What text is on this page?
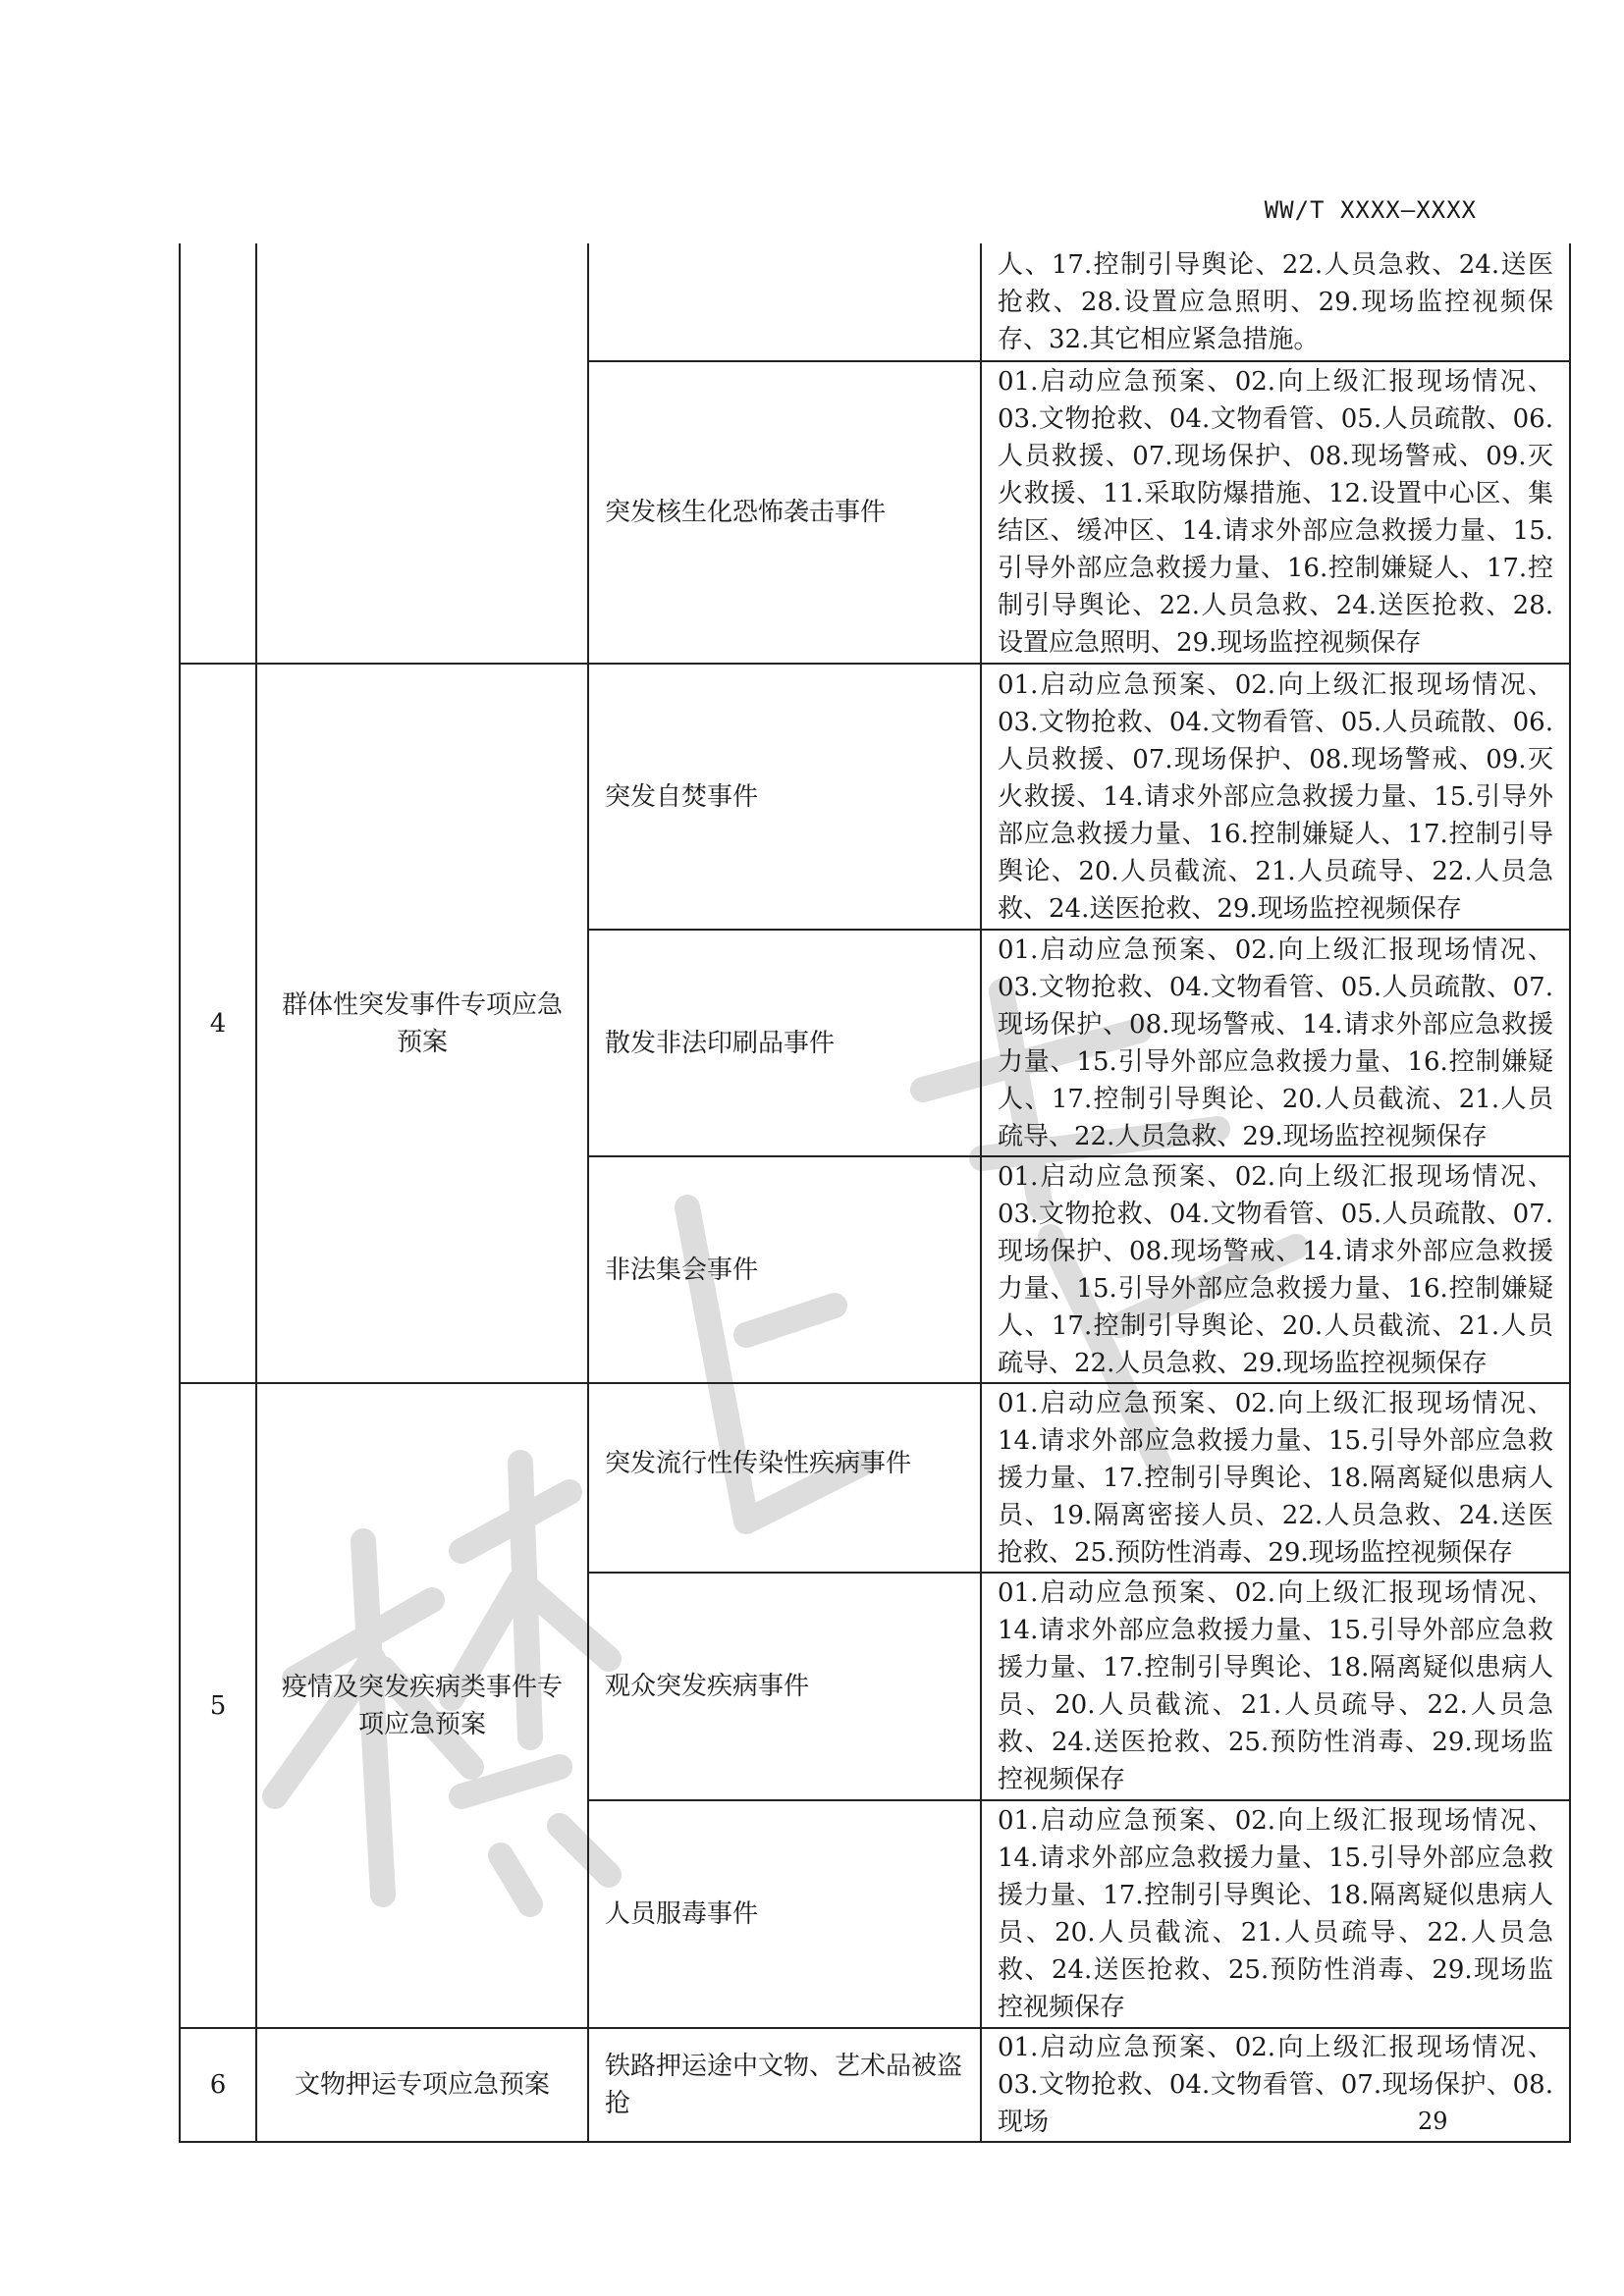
WW/T XXXX—XXXX
			人、17.控制引导舆论、22.人员急救、24.送医抢救、28.设置应急照明、29.现场监控视频保存、32.其它相应紧急措施。
		突发核生化恐怖袭击事件	01.启动应急预案、02.向上级汇报现场情况、03.文物抢救、04.文物看管、05.人员疏散、06.人员救援、07.现场保护、08.现场警戒、09.灭火救援、11.采取防爆措施、12.设置中心区、集结区、缓冲区、14.请求外部应急救援力量、15.引导外部应急救援力量、16.控制嫌疑人、17.控制引导舆论、22.人员急救、24.送医抢救、28.设置应急照明、29.现场监控视频保存
4	群体性突发事件专项应急预案	突发自焚事件	01.启动应急预案、02.向上级汇报现场情况、03.文物抢救、04.文物看管、05.人员疏散、06.人员救援、07.现场保护、08.现场警戒、09.灭火救援、14.请求外部应急救援力量、15.引导外部应急救援力量、16.控制嫌疑人、17.控制引导舆论、20.人员截流、21.人员疏导、22.人员急救、24.送医抢救、29.现场监控视频保存
		散发非法印刷品事件	01.启动应急预案、02.向上级汇报现场情况、03.文物抢救、04.文物看管、05.人员疏散、07.现场保护、08.现场警戒、14.请求外部应急救援力量、15.引导外部应急救援力量、16.控制嫌疑人、17.控制引导舆论、20.人员截流、21.人员疏导、22.人员急救、29.现场监控视频保存
		非法集会事件	01.启动应急预案、02.向上级汇报现场情况、03.文物抢救、04.文物看管、05.人员疏散、07.现场保护、08.现场警戒、14.请求外部应急救援力量、15.引导外部应急救援力量、16.控制嫌疑人、17.控制引导舆论、20.人员截流、21.人员疏导、22.人员急救、29.现场监控视频保存
5	疫情及突发疾病类事件专项应急预案	突发流行性传染性疾病事件	01.启动应急预案、02.向上级汇报现场情况、14.请求外部应急救援力量、15.引导外部应急救援力量、17.控制引导舆论、18.隔离疑似患病人员、19.隔离密接人员、22.人员急救、24.送医抢救、25.预防性消毒、29.现场监控视频保存
		观众突发疾病事件	01.启动应急预案、02.向上级汇报现场情况、14.请求外部应急救援力量、15.引导外部应急救援力量、17.控制引导舆论、18.隔离疑似患病人员、20.人员截流、21.人员疏导、22.人员急救、24.送医抢救、25.预防性消毒、29.现场监控视频保存
		人员服毒事件	01.启动应急预案、02.向上级汇报现场情况、14.请求外部应急救援力量、15.引导外部应急救援力量、17.控制引导舆论、18.隔离疑似患病人员、20.人员截流、21.人员疏导、22.人员急救、24.送医抢救、25.预防性消毒、29.现场监控视频保存
6	文物押运专项应急预案	铁路押运途中文物、艺术品被盗抢	01.启动应急预案、02.向上级汇报现场情况、03.文物抢救、04.文物看管、07.现场保护、08.现场	29
